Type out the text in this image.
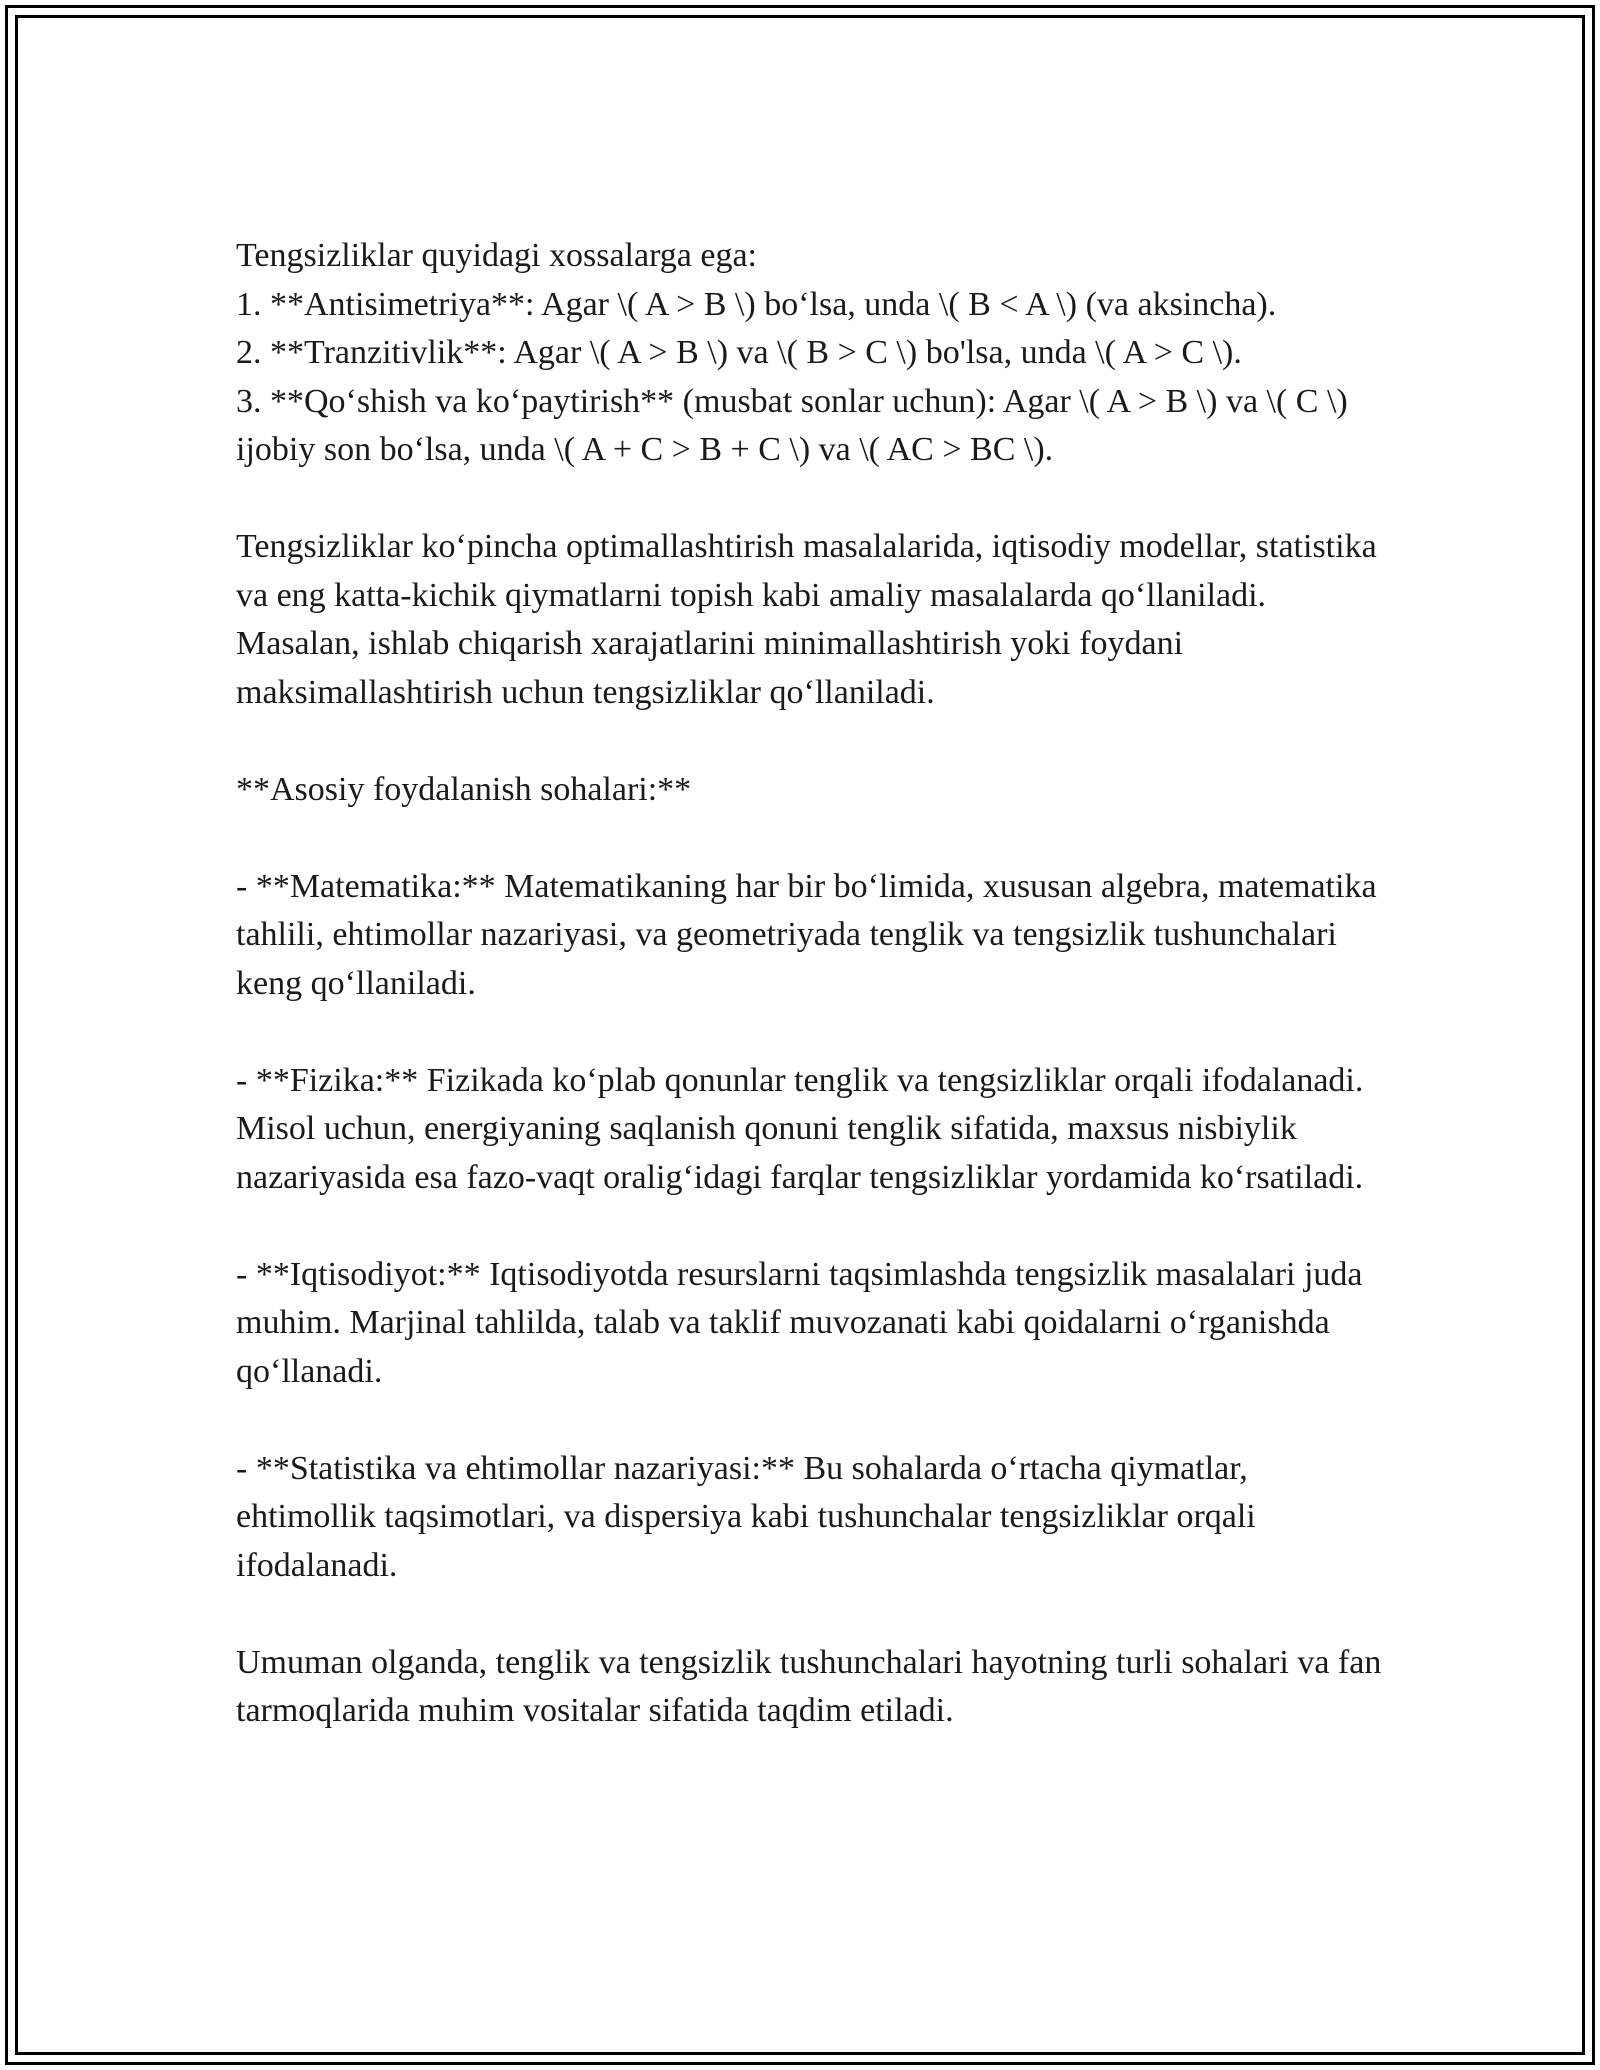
Tengsizliklar quyidagi xossalarga ega:

1. **Antisimetriya**: Agar \( A > B \) bo‘lsa, unda \( B < A \) (va aksincha).

2. **Tranzitivlik**: Agar \( A > B \) va \( B > C \) bo'lsa, unda \( A > C \).

3. **Qo‘shish va ko‘paytirish** (musbat sonlar uchun): Agar \( A > B \) va \( C \) ijobiy son bo‘lsa, unda \( A + C > B + C \) va \( AC > BC \).

Tengsizliklar ko‘pincha optimallashtirish masalalarida, iqtisodiy modellar, statistika va eng katta-kichik qiymatlarni topish kabi amaliy masalalarda qo‘llaniladi. Masalan, ishlab chiqarish xarajatlarini minimallashtirish yoki foydani maksimallashtirish uchun tengsizliklar qo‘llaniladi.

**Asosiy foydalanish sohalari:**

- **Matematika:** Matematikaning har bir bo‘limida, xususan algebra, matematika tahlili, ehtimollar nazariyasi, va geometriyada tenglik va tengsizlik tushunchalari keng qo‘llaniladi.

- **Fizika:** Fizikada ko‘plab qonunlar tenglik va tengsizliklar orqali ifodalanadi. Misol uchun, energiyaning saqlanish qonuni tenglik sifatida, maxsus nisbiylik nazariyasida esa fazo-vaqt oralig‘idagi farqlar tengsizliklar yordamida ko‘rsatiladi.

- **Iqtisodiyot:** Iqtisodiyotda resurslarni taqsimlashda tengsizlik masalalari juda muhim. Marjinal tahlilda, talab va taklif muvozanati kabi qoidalarni o‘rganishda qo‘llanadi.

- **Statistika va ehtimollar nazariyasi:** Bu sohalarda o‘rtacha qiymatlar, ehtimollik taqsimotlari, va dispersiya kabi tushunchalar tengsizliklar orqali ifodalanadi.

Umuman olganda, tenglik va tengsizlik tushunchalari hayotning turli sohalari va fan tarmoqlarida muhim vositalar sifatida taqdim etiladi.
